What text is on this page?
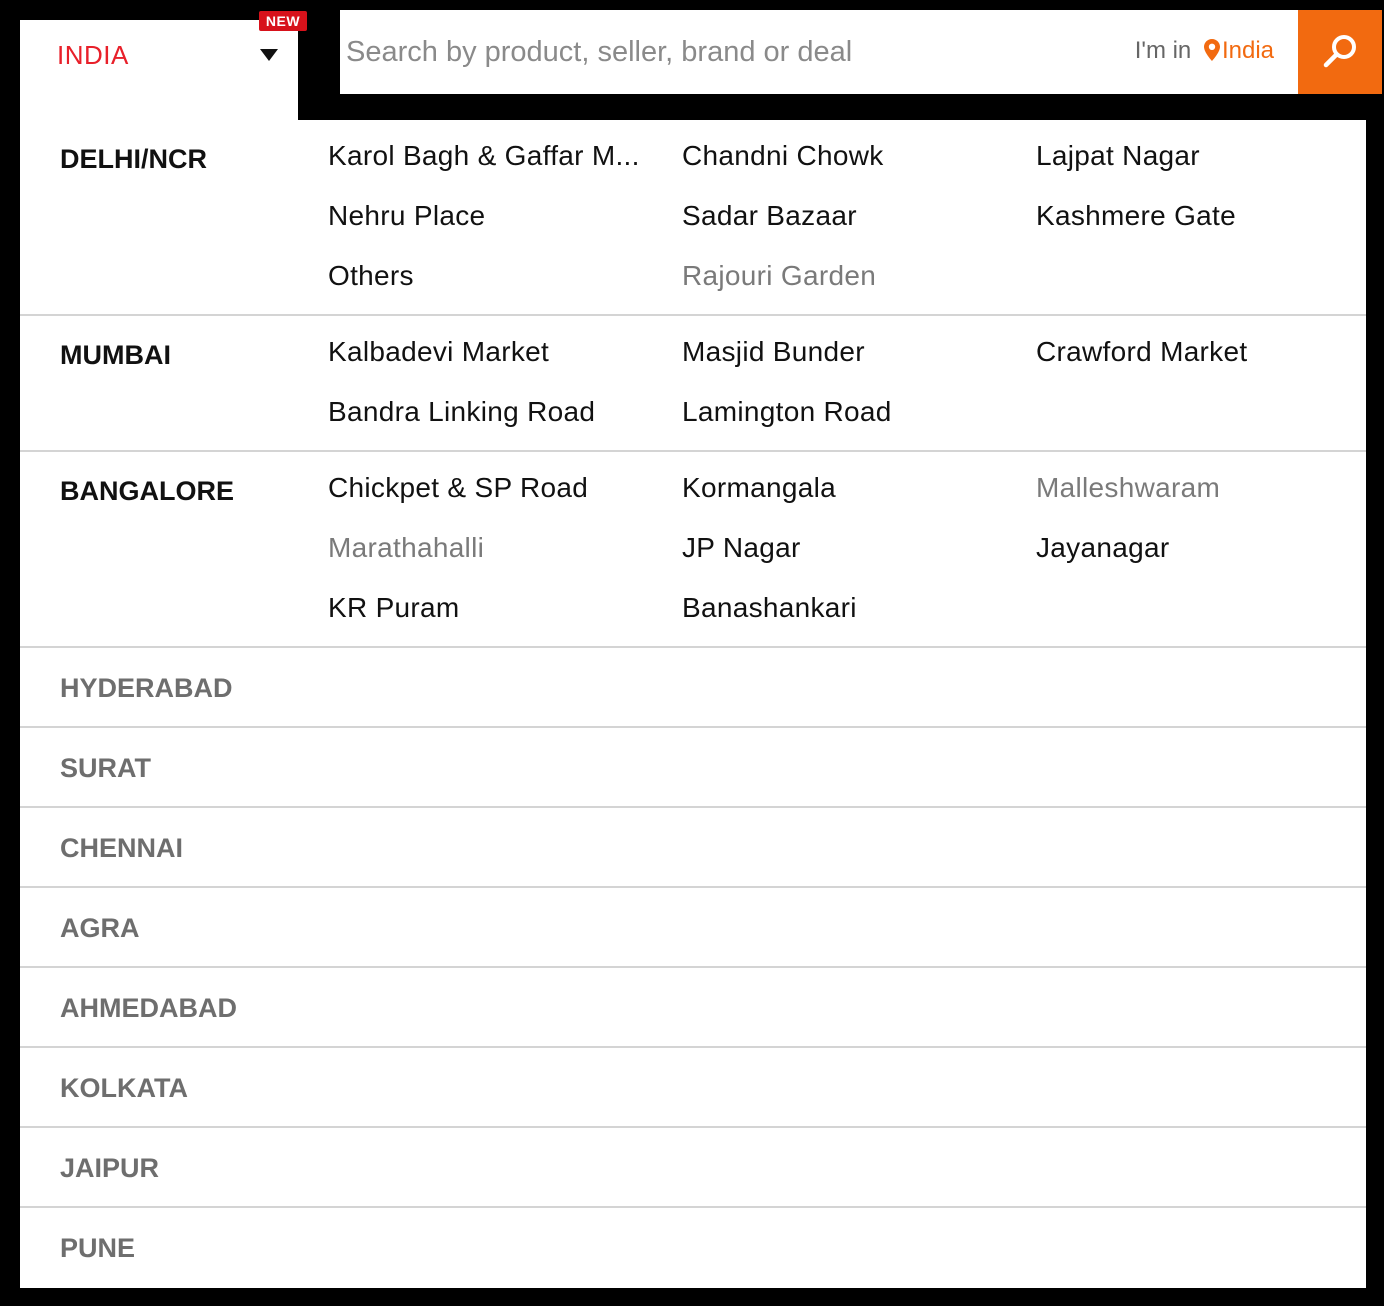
INDIA
NEW
Search by product, seller, brand or deal
I'm in India
DELHI/NCR	Karol Bagh & Gaffar M...	Chandni Chowk	Lajpat Nagar
Nehru Place	Sadar Bazaar	Kashmere Gate
Others	Rajouri Garden
MUMBAI	Kalbadevi Market	Masjid Bunder	Crawford Market
Bandra Linking Road	Lamington Road
BANGALORE	Chickpet & SP Road	Kormangala	Malleshwaram
Marathahalli	JP Nagar	Jayanagar
KR Puram	Banashankari
HYDERABAD
SURAT
CHENNAI
AGRA
AHMEDABAD
KOLKATA
JAIPUR
PUNE
